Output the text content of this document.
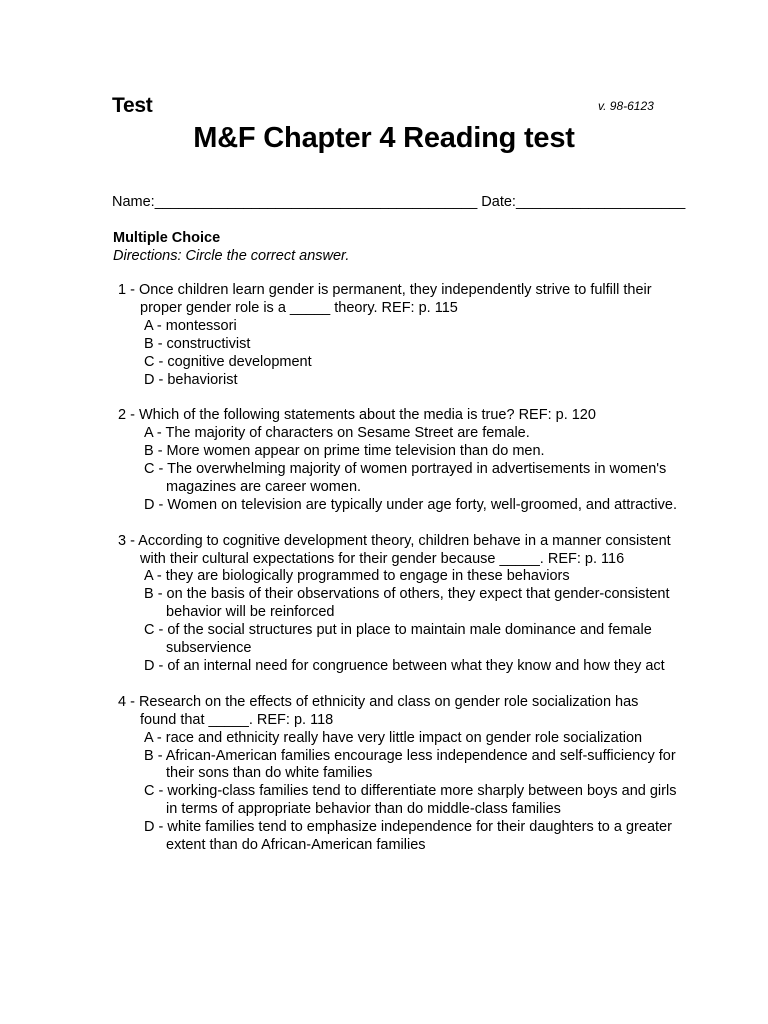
Test	v. 98-6123
M&F Chapter 4 Reading test
Name:________________________________________ Date:_____________________
Multiple Choice
Directions: Circle the correct answer.
1 - Once children learn gender is permanent, they independently strive to fulfill their proper gender role is a _____ theory. REF: p. 115
A - montessori
B - constructivist
C - cognitive development
D - behaviorist
2 - Which of the following statements about the media is true? REF: p. 120
A - The majority of characters on Sesame Street are female.
B - More women appear on prime time television than do men.
C - The overwhelming majority of women portrayed in advertisements in women's magazines are career women.
D - Women on television are typically under age forty, well-groomed, and attractive.
3 - According to cognitive development theory, children behave in a manner consistent with their cultural expectations for their gender because _____. REF: p. 116
A - they are biologically programmed to engage in these behaviors
B - on the basis of their observations of others, they expect that gender-consistent behavior will be reinforced
C - of the social structures put in place to maintain male dominance and female subservience
D - of an internal need for congruence between what they know and how they act
4 - Research on the effects of ethnicity and class on gender role socialization has found that _____. REF: p. 118
A - race and ethnicity really have very little impact on gender role socialization
B - African-American families encourage less independence and self-sufficiency for their sons than do white families
C - working-class families tend to differentiate more sharply between boys and girls in terms of appropriate behavior than do middle-class families
D - white families tend to emphasize independence for their daughters to a greater extent than do African-American families
